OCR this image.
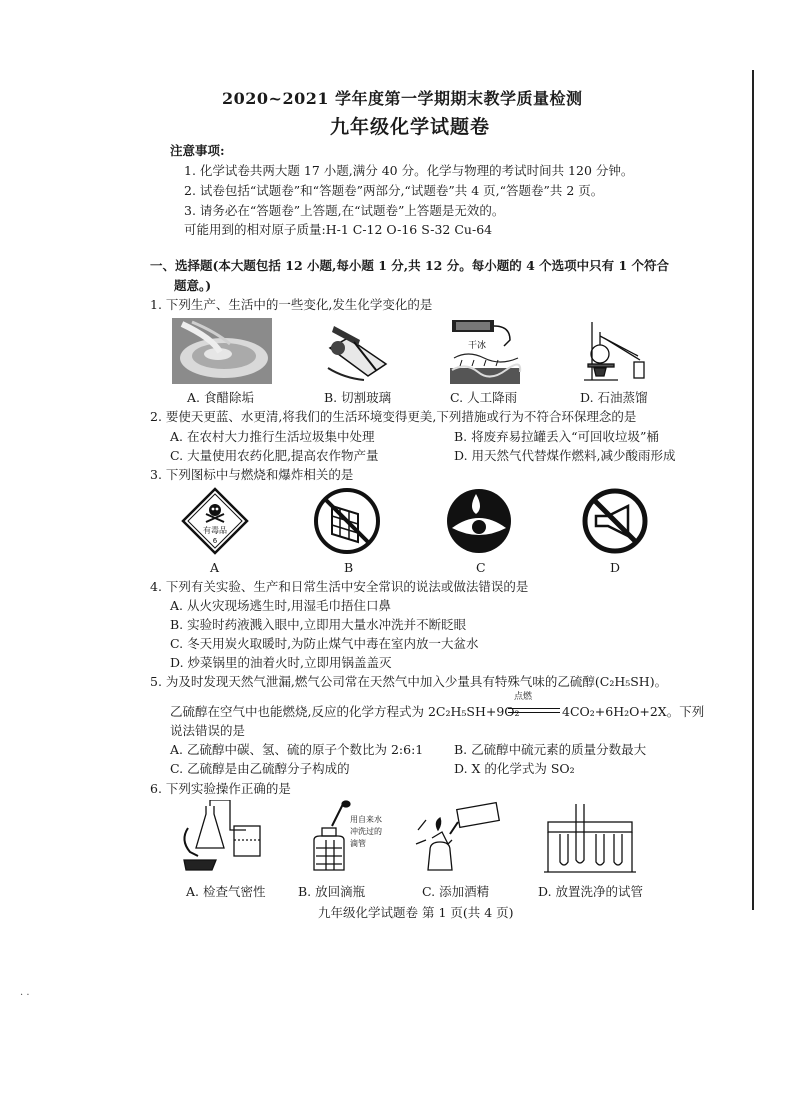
2020~2021 学年度第一学期期末教学质量检测
九年级化学试题卷
注意事项:
1. 化学试卷共两大题 17 小题,满分 40 分。化学与物理的考试时间共 120 分钟。
2. 试卷包括“试题卷”和“答题卷”两部分,“试题卷”共 4 页,“答题卷”共 2 页。
3. 请务必在“答题卷”上答题,在“试题卷”上答题是无效的。
可能用到的相对原子质量:H-1 C-12 O-16 S-32 Cu-64
一、选择题(本大题包括 12 小题,每小题 1 分,共 12 分。每小题的 4 个选项中只有 1 个符合
题意。)
1. 下列生产、生活中的一些变化,发生化学变化的是
干冰
A. 食醋除垢	B. 切割玻璃	C. 人工降雨	D. 石油蒸馏
2. 要使天更蓝、水更清,将我们的生活环境变得更美,下列措施或行为不符合环保理念的是
A. 在农村大力推行生活垃圾集中处理	B. 将废弃易拉罐丢入“可回收垃圾”桶
C. 大量使用农药化肥,提高农作物产量	D. 用天然气代替煤作燃料,减少酸雨形成
3. 下列图标中与燃烧和爆炸相关的是
有毒品
6
A	B	C	D
4. 下列有关实验、生产和日常生活中安全常识的说法或做法错误的是
A. 从火灾现场逃生时,用湿毛巾捂住口鼻
B. 实验时药液溅入眼中,立即用大量水冲洗并不断眨眼
C. 冬天用炭火取暖时,为防止煤气中毒在室内放一大盆水
D. 炒菜锅里的油着火时,立即用锅盖盖灭
5. 为及时发现天然气泄漏,燃气公司常在天然气中加入少量具有特殊气味的乙硫醇(C₂H₅SH)。
乙硫醇在空气中也能燃烧,反应的化学方程式为 2C₂H₅SH+9O₂
点燃
4CO₂+6H₂O+2X。下列
说法错误的是
A. 乙硫醇中碳、氢、硫的原子个数比为 2:6:1 B. 乙硫醇中硫元素的质量分数最大
C. 乙硫醇是由乙硫醇分子构成的	D. X 的化学式为 SO₂
6. 下列实验操作正确的是
用自来水
冲洗过的
滴管
A. 检查气密性	B. 放回滴瓶	C. 添加酒精	D. 放置洗净的试管
九年级化学试题卷 第 1 页(共 4 页)
· ·
